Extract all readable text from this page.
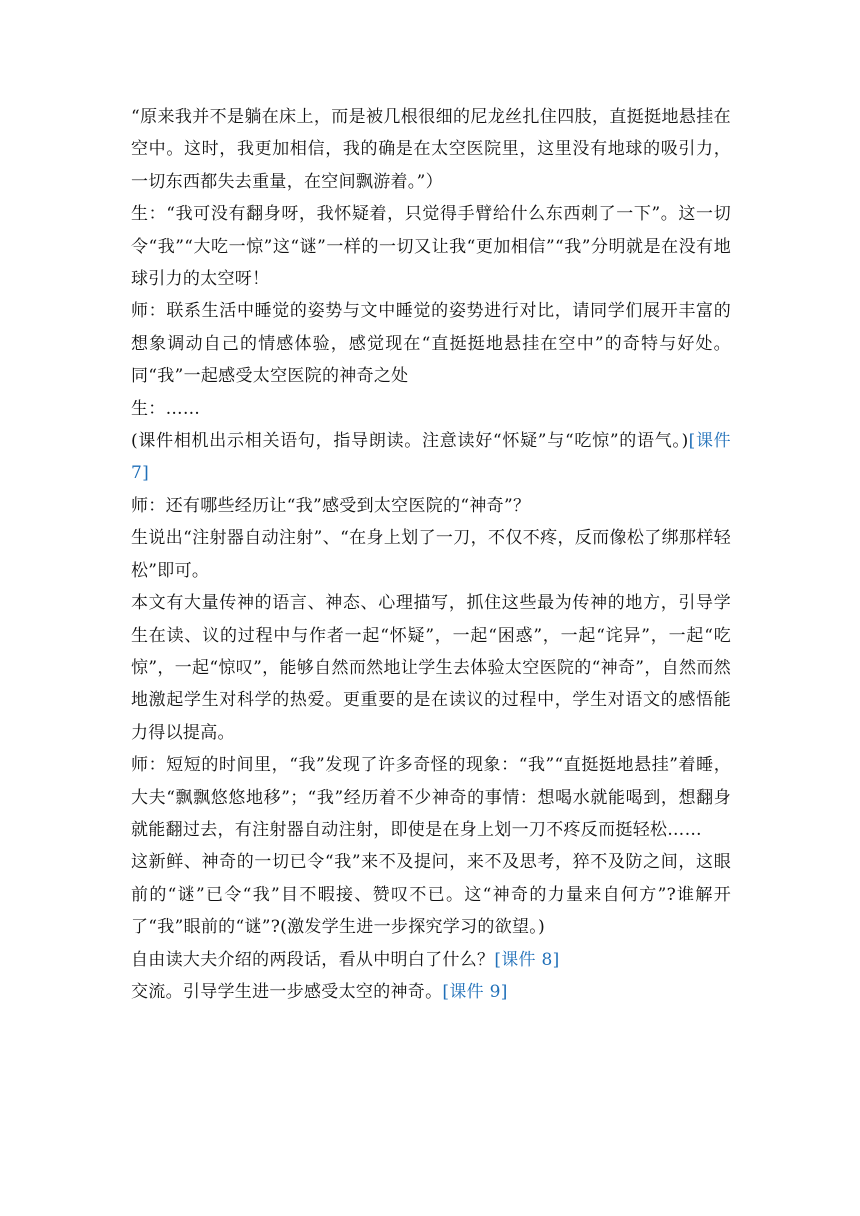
“原来我并不是躺在床上，而是被几根很细的尼龙丝扎住四肢，直挺挺地悬挂在空中。这时，我更加相信，我的确是在太空医院里，这里没有地球的吸引力，一切东西都失去重量，在空间飘游着。”）

生：“我可没有翻身呀，我怀疑着，只觉得手臂给什么东西刺了一下”。这一切令“我”“大吃一惊”这“谜”一样的一切又让我“更加相信”“我”分明就是在没有地球引力的太空呀！

师：联系生活中睡觉的姿势与文中睡觉的姿势进行对比，请同学们展开丰富的想象调动自己的情感体验，感觉现在“直挺挺地悬挂在空中”的奇特与好处。同“我”一起感受太空医院的神奇之处

生：……

(课件相机出示相关语句，指导朗读。注意读好“怀疑”与“吃惊”的语气。)[课件 7]

师：还有哪些经历让“我”感受到太空医院的“神奇”？

生说出“注射器自动注射”、“在身上划了一刀，不仅不疼，反而像松了绑那样轻松”即可。

本文有大量传神的语言、神态、心理描写，抓住这些最为传神的地方，引导学生在读、议的过程中与作者一起“怀疑”，一起“困惑”，一起“诧异”，一起“吃惊”，一起“惊叹”，能够自然而然地让学生去体验太空医院的“神奇”，自然而然地激起学生对科学的热爱。更重要的是在读议的过程中，学生对语文的感悟能力得以提高。

师：短短的时间里，“我”发现了许多奇怪的现象：“我”“直挺挺地悬挂”着睡，大夫“飘飘悠悠地移”；“我”经历着不少神奇的事情：想喝水就能喝到，想翻身就能翻过去，有注射器自动注射，即使是在身上划一刀不疼反而挺轻松……

这新鲜、神奇的一切已令“我”来不及提问，来不及思考，猝不及防之间，这眼前的“谜”已令“我”目不暇接、赞叹不已。这“神奇的力量来自何方”?谁解开了“我”眼前的“谜”?(激发学生进一步探究学习的欲望。)

自由读大夫介绍的两段话，看从中明白了什么？[课件 8]

交流。引导学生进一步感受太空的神奇。[课件 9]
